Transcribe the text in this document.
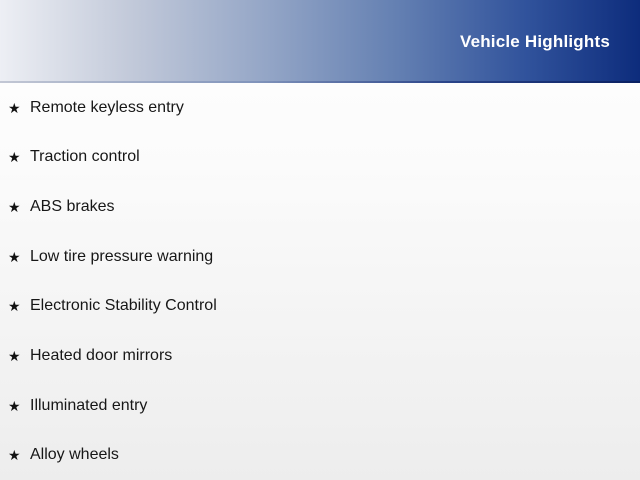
Vehicle Highlights
★ Remote keyless entry
★ Traction control
★ ABS brakes
★ Low tire pressure warning
★ Electronic Stability Control
★ Heated door mirrors
★ Illuminated entry
★ Alloy wheels
